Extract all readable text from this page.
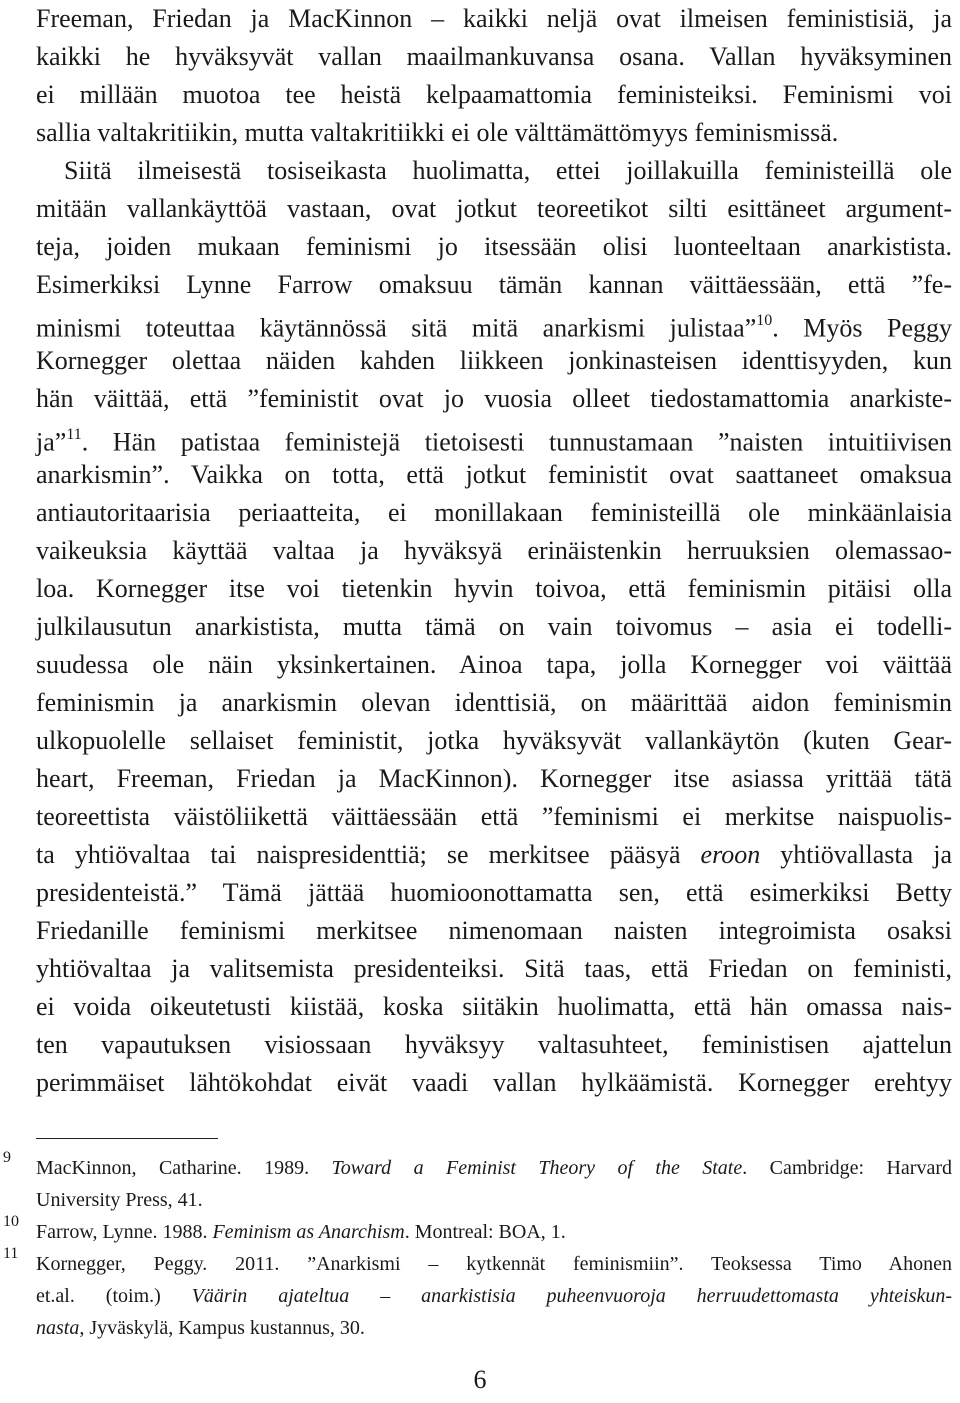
Freeman, Friedan ja MacKinnon – kaikki neljä ovat ilmeisen feministisiä, ja
kaikki he hyväksyvät vallan maailmankuvansa osana. Vallan hyväksyminen
ei millään muotoa tee heistä kelpaamattomia feministeiksi. Feminismi voi
sallia valtakritiikin, mutta valtakritiikki ei ole välttämättömyys feminismissä.
Siitä ilmeisestä tosiseikasta huolimatta, ettei joillakuilla feministeillä ole
mitään vallankäyttöä vastaan, ovat jotkut teoreetikot silti esittäneet argument-
teja, joiden mukaan feminismi jo itsessään olisi luonteeltaan anarkistista.
Esimerkiksi Lynne Farrow omaksuu tämän kannan väittäessään, että ”fe-
minismi toteuttaa käytännössä sitä mitä anarkismi julistaa”$^{10}$. Myös Peggy
Kornegger olettaa näiden kahden liikkeen jonkinasteisen identtisyyden, kun
hän väittää, että ”feministit ovat jo vuosia olleet tiedostamattomia anarkiste-
ja”$^{11}$. Hän patistaa feministejä tietoisesti tunnustamaan ”naisten intuitiivisen
anarkismin”. Vaikka on totta, että jotkut feministit ovat saattaneet omaksua
antiautoritaarisia periaatteita, ei monillakaan feministeillä ole minkäänlaisia
vaikeuksia käyttää valtaa ja hyväksyä erinäistenkin herruuksien olemassao-
loa. Kornegger itse voi tietenkin hyvin toivoa, että feminismin pitäisi olla
julkilausutun anarkistista, mutta tämä on vain toivomus – asia ei todelli-
suudessa ole näin yksinkertainen. Ainoa tapa, jolla Kornegger voi väittää
feminismin ja anarkismin olevan identtisiä, on määrittää aidon feminismin
ulkopuolelle sellaiset feministit, jotka hyväksyvät vallankäytön (kuten Gear-
heart, Freeman, Friedan ja MacKinnon). Kornegger itse asiassa yrittää tätä
teoreettista väistöliikettä väittäessään että ”feminismi ei merkitse naispuolis-
ta yhtiövaltaa tai naispresidenttiä; se merkitsee pääsyä eroon yhtiövallasta ja
presidenteistä.” Tämä jättää huomioonottamatta sen, että esimerkiksi Betty
Friedanille feminismi merkitsee nimenomaan naisten integroimista osaksi
yhtiövaltaa ja valitsemista presidenteiksi. Sitä taas, että Friedan on feministi,
ei voida oikeutetusti kiistää, koska siitäkin huolimatta, että hän omassa nais-
ten vapautuksen visiossaan hyväksyy valtasuhteet, feministisen ajattelun
perimmäiset lähtökohdat eivät vaadi vallan hylkäämistä. Kornegger erehtyy
9 MacKinnon, Catharine. 1989. Toward a Feminist Theory of the State. Cambridge: Harvard
University Press, 41.
10 Farrow, Lynne. 1988. Feminism as Anarchism. Montreal: BOA, 1.
11 Kornegger, Peggy. 2011. ”Anarkismi – kytkennät feminismiin”. Teoksessa Timo Ahonen
et.al. (toim.) Väärin ajateltua – anarkistisia puheenvuoroja herruudettomasta yhteiskun-
nasta, Jyväskylä, Kampus kustannus, 30.
6
